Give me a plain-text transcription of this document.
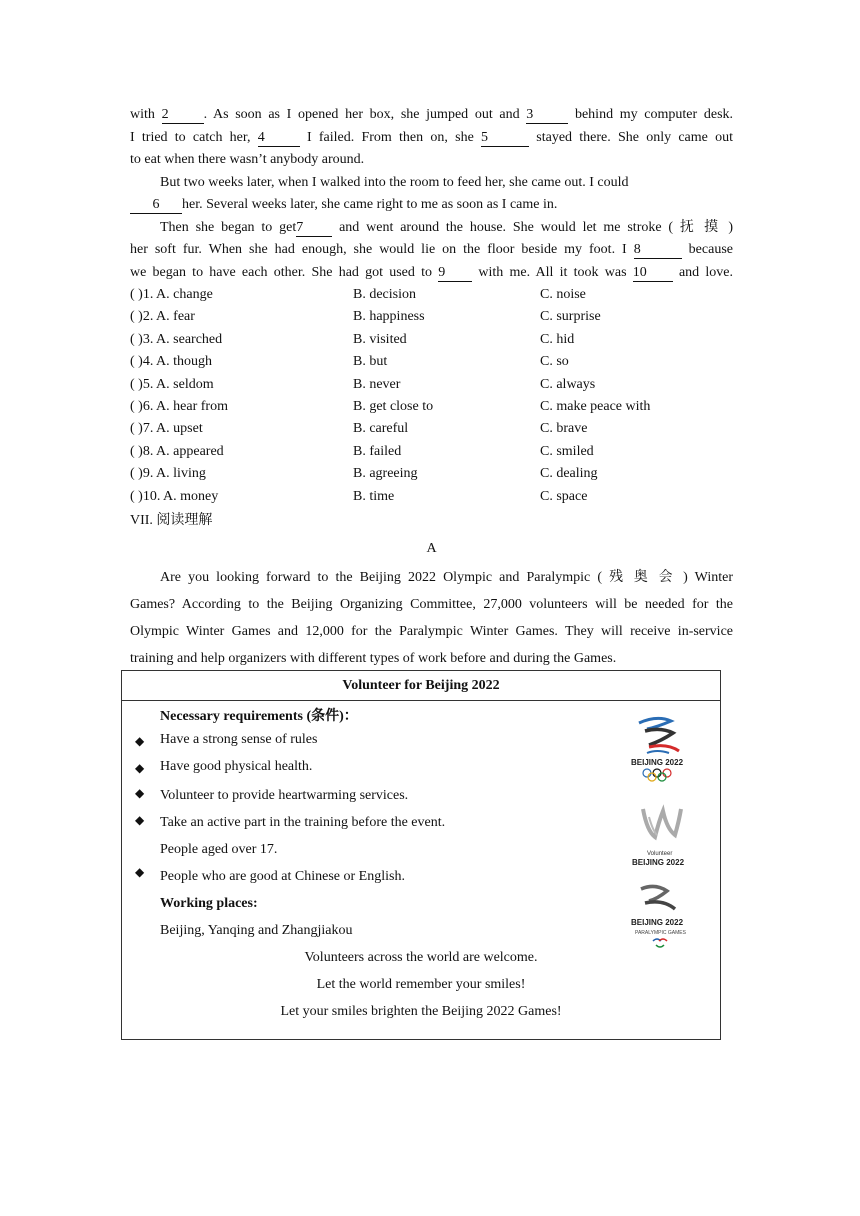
with 2	. As soon as I opened her box, she jumped out and 3	behind my computer desk.
I tried to catch her, 4	I failed. From then on, she 5	stayed there. She only came out
to eat when there wasn’t anybody around.
But two weeks later, when I walked into the room to feed her, she came out. I could
6 her. Several weeks later, she came right to me as soon as I came in.
Then she began to get7 and went around the house. She would let me stroke ( 抚 摸 )
her soft fur. When she had enough, she would lie on the floor beside my foot. I 8	because
we began to have each other. She had got used to 9 with me. All it took was 10 and love.
( )1. A. change	B. decision	C. noise
( )2. A. fear	B. happiness	C. surprise
( )3. A. searched	B. visited	C. hid
( )4. A. though	B. but	C. so
( )5. A. seldom	B. never	C. always
( )6. A. hear from	B. get close to	C. make peace with
( )7. A. upset	B. careful	C. brave
( )8. A. appeared	B. failed	C. smiled
( )9. A. living	B. agreeing	C. dealing
( )10. A. money	B. time	C. space
VII. 阅读理解
A
Are you looking forward to the Beijing 2022 Olympic and Paralympic ( 残 奥 会 ) Winter
Games? According to the Beijing Organizing Committee, 27,000 volunteers will be needed for the
Olympic Winter Games and 12,000 for the Paralympic Winter Games. They will receive in-service
training and help organizers with different types of work before and during the Games.
Volunteer for Beijing 2022
Necessary requirements (条件)：
◆ Have a strong sense of rules
◆ Have good physical health.
◆ Volunteer to provide heartwarming services.
◆ Take an active part in the training before the event.
People aged over 17.
◆ People who are good at Chinese or English.
Working places:
Beijing, Yanqing and Zhangjiakou
Volunteers across the world are welcome.
Let the world remember your smiles!
Let your smiles brighten the Beijing 2022 Games!
BEIJING 2022
Volunteer
BEIJING 2022
BEIJING 2022
PARALYMPIC GAMES
